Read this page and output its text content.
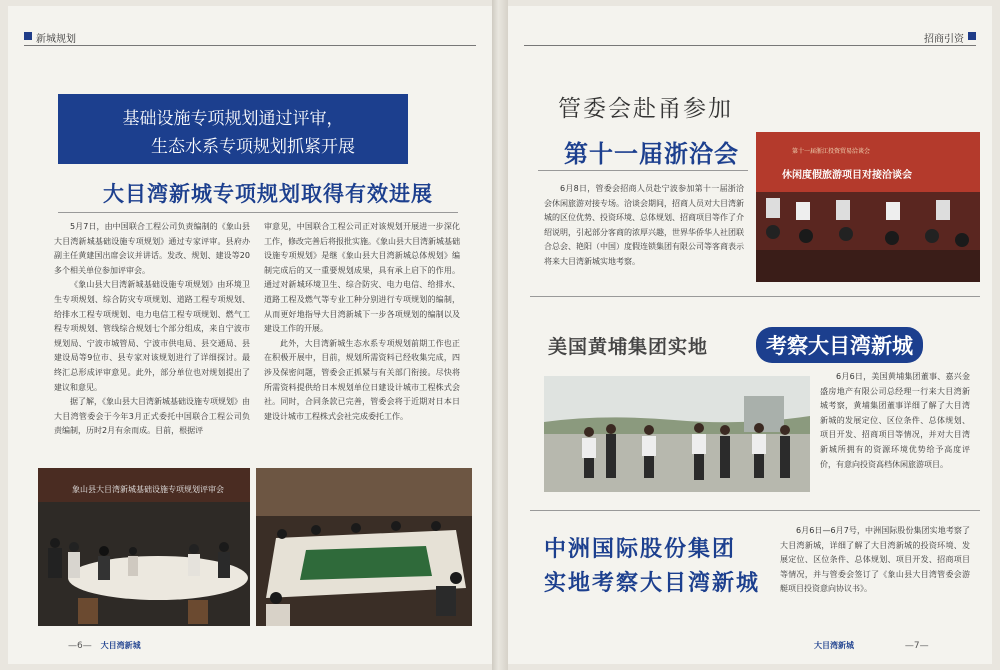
新城规划
基础设施专项规划通过评审，
生态水系专项规划抓紧开展
大目湾新城专项规划取得有效进展

5月7日，由中国联合工程公司负责编制的《象山县大目湾新城基础设施专项规划》通过专家评审。县府办副主任黄建国出席会议并讲话。发改、规划、建设等20多个相关单位参加评审会。

《象山县大目湾新城基础设施专项规划》由环境卫生专项规划、综合防灾专项规划、道路工程专项规划、给排水工程专项规划、电力电信工程专项规划、燃气工程专项规划、管线综合规划七个部分组成，来自宁波市规划局、宁波市城管局、宁波市供电局、县交通局、县建设局等9位市、县专家对该规划进行了详细探讨。最终汇总形成评审意见。此外，部分单位也对规划提出了建议和意见。

据了解，《象山县大目湾新城基础设施专项规划》由大目湾管委会于今年3月正式委托中国联合工程公司负责编制，历时2月有余而成。目前，根据评

审意见，中国联合工程公司正对该规划开展进一步深化工作，修改完善后将报批实施。《象山县大目湾新城基础设施专项规划》是继《象山县大目湾新城总体规划》编制完成后的又一重要规划成果，具有承上启下的作用。通过对新城环境卫生、综合防灾、电力电信、给排水、道路工程及燃气等专业工种分别进行专项规划的编制，从而更好地指导大目湾新城下一步各项规划的编制以及建设工作的开展。

此外，大目湾新城生态水系专项规划前期工作也正在积极开展中，目前，规划所需资料已经收集完成，四涉及保密问题，管委会正抓紧与有关部门衔接。尽快将所需资料提供给日本规划单位日建设计城市工程株式会社。同时，合同条款已完善，管委会将于近期对日本日建设计城市工程株式会社完成委托工作。

象山县大目湾新城基础设施专项规划评审会
—6— 大目湾新城
招商引资
管委会赴甬参加
第十一届浙洽会

6月8日，管委会招商人员赴宁波参加第十一届浙洽会休闲旅游对接专场。洽谈会期间，招商人员对大目湾新城的区位优势、投资环境、总体规划、招商项目等作了介绍说明，引起部分客商的浓厚兴趣，世界华侨华人社团联合总会、艳阳（中国）度假连锁集团有限公司等客商表示将来大目湾新城实地考察。

第十一届浙江投资贸易洽谈会
休闲度假旅游项目对接洽谈会
美国黄埔集团实地	考察大目湾新城

6月6日，美国黄埔集团董事、嘉兴金盛房地产有限公司总经理一行来大目湾新城考察，黄埔集团董事详细了解了大目湾新城的发展定位、区位条件、总体规划、项目开发、招商项目等情况，并对大目湾新城所拥有的资源环境优势给予高度评价，有意向投资高档休闲旅游项目。

中洲国际股份集团
实地考察大目湾新城

6月6日—6月7号，中洲国际股份集团实地考察了大目湾新城，详细了解了大目湾新城的投资环境、发展定位、区位条件、总体规划、项目开发、招商项目等情况，并与管委会签订了《象山县大目湾管委会游艇项目投资意向协议书》。

大目湾新城	—7—
